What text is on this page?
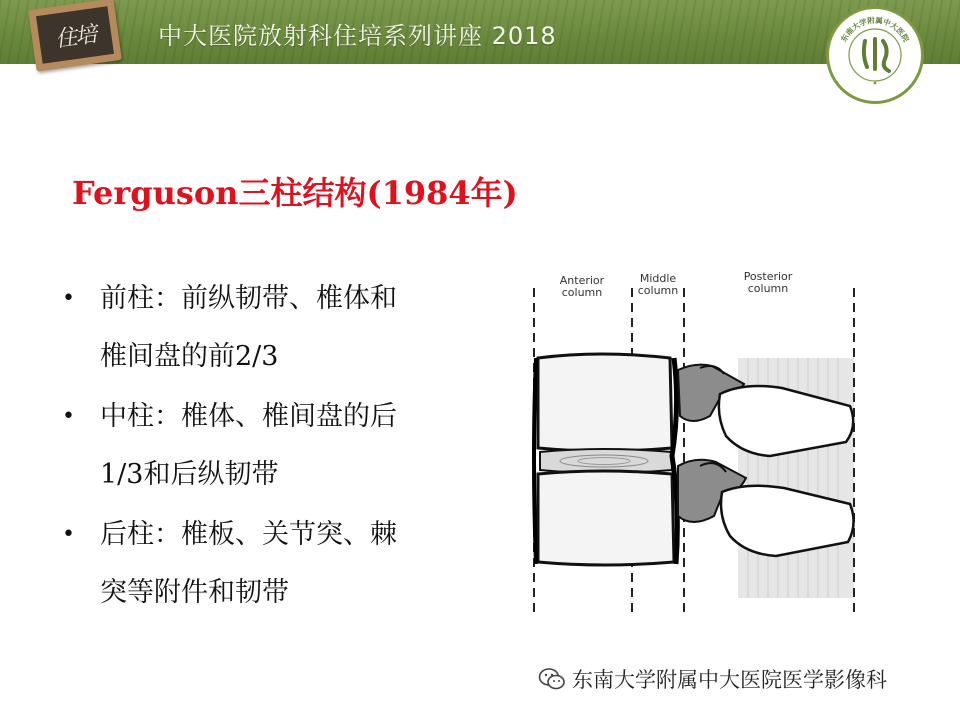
中大医院放射科住培系列讲座 2018
住培	东南大学附属中大医院
Ferguson三柱结构(1984年)
• 前柱：前纵韧带、椎体和
椎间盘的前2/3
• 中柱：椎体、椎间盘的后
1/3和后纵韧带
• 后柱：椎板、关节突、棘
突等附件和韧带
Anterior
column
Middle
column
Posterior
column
东南大学附属中大医院医学影像科
